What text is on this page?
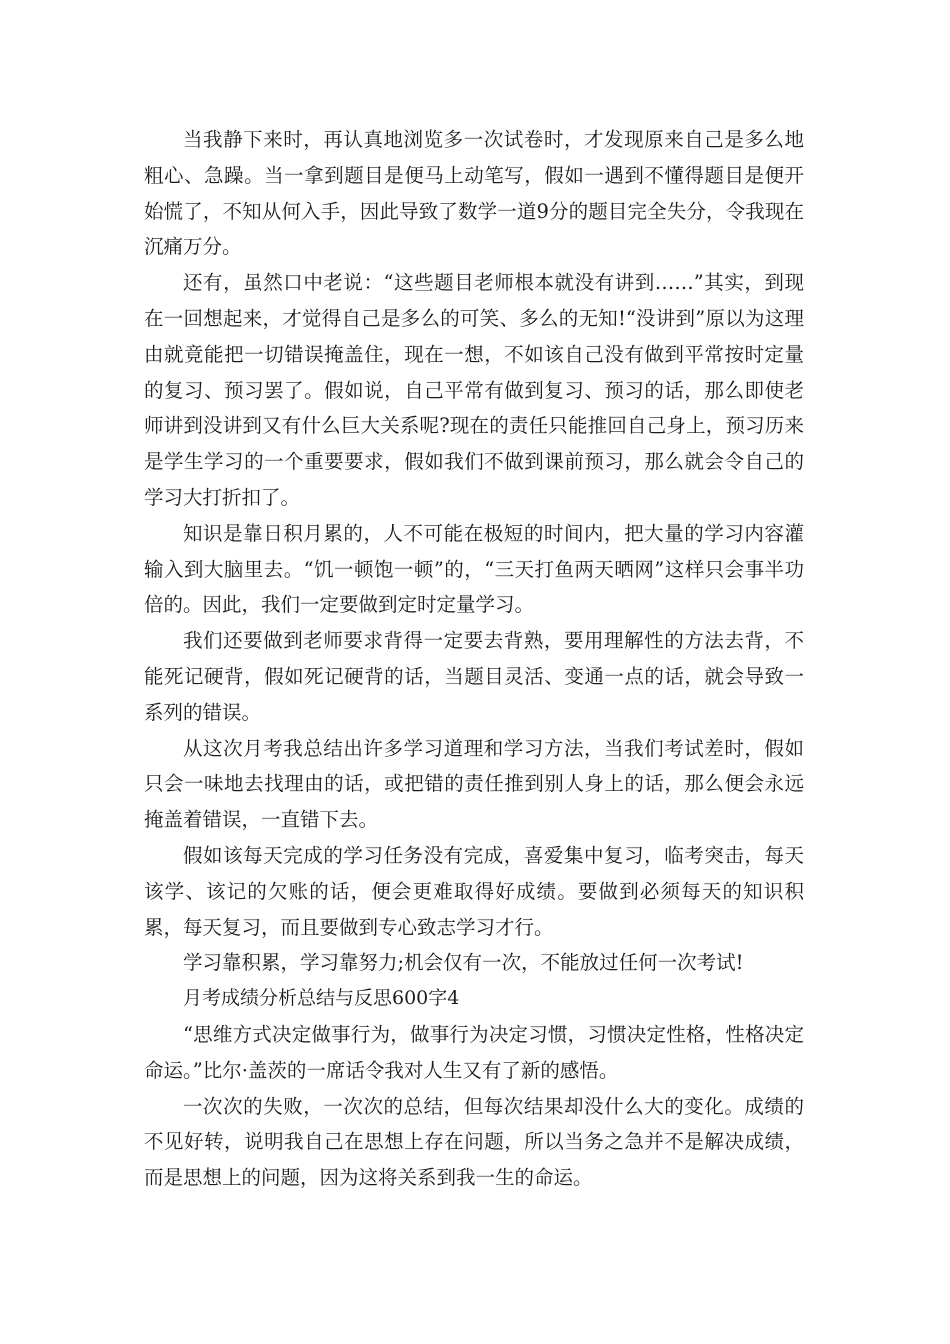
当我静下来时，再认真地浏览多一次试卷时，才发现原来自己是多么地粗心、急躁。当一拿到题目是便马上动笔写，假如一遇到不懂得题目是便开始慌了，不知从何入手，因此导致了数学一道9分的题目完全失分，令我现在沉痛万分。

还有，虽然口中老说：“这些题目老师根本就没有讲到……”其实，到现在一回想起来，才觉得自己是多么的可笑、多么的无知!“没讲到”原以为这理由就竟能把一切错误掩盖住，现在一想，不如该自己没有做到平常按时定量的复习、预习罢了。假如说，自己平常有做到复习、预习的话，那么即使老师讲到没讲到又有什么巨大关系呢?现在的责任只能推回自己身上，预习历来是学生学习的一个重要要求，假如我们不做到课前预习，那么就会令自己的学习大打折扣了。

知识是靠日积月累的，人不可能在极短的时间内，把大量的学习内容灌输入到大脑里去。“饥一顿饱一顿”的，“三天打鱼两天晒网”这样只会事半功倍的。因此，我们一定要做到定时定量学习。

我们还要做到老师要求背得一定要去背熟，要用理解性的方法去背，不能死记硬背，假如死记硬背的话，当题目灵活、变通一点的话，就会导致一系列的错误。

从这次月考我总结出许多学习道理和学习方法，当我们考试差时，假如只会一味地去找理由的话，或把错的责任推到别人身上的话，那么便会永远掩盖着错误，一直错下去。

假如该每天完成的学习任务没有完成，喜爱集中复习，临考突击，每天该学、该记的欠账的话，便会更难取得好成绩。要做到必须每天的知识积累，每天复习，而且要做到专心致志学习才行。

学习靠积累，学习靠努力;机会仅有一次，不能放过任何一次考试!

月考成绩分析总结与反思600字4

“思维方式决定做事行为，做事行为决定习惯，习惯决定性格，性格决定命运。”比尔·盖茨的一席话令我对人生又有了新的感悟。

一次次的失败，一次次的总结，但每次结果却没什么大的变化。成绩的不见好转，说明我自己在思想上存在问题，所以当务之急并不是解决成绩，而是思想上的问题，因为这将关系到我一生的命运。
